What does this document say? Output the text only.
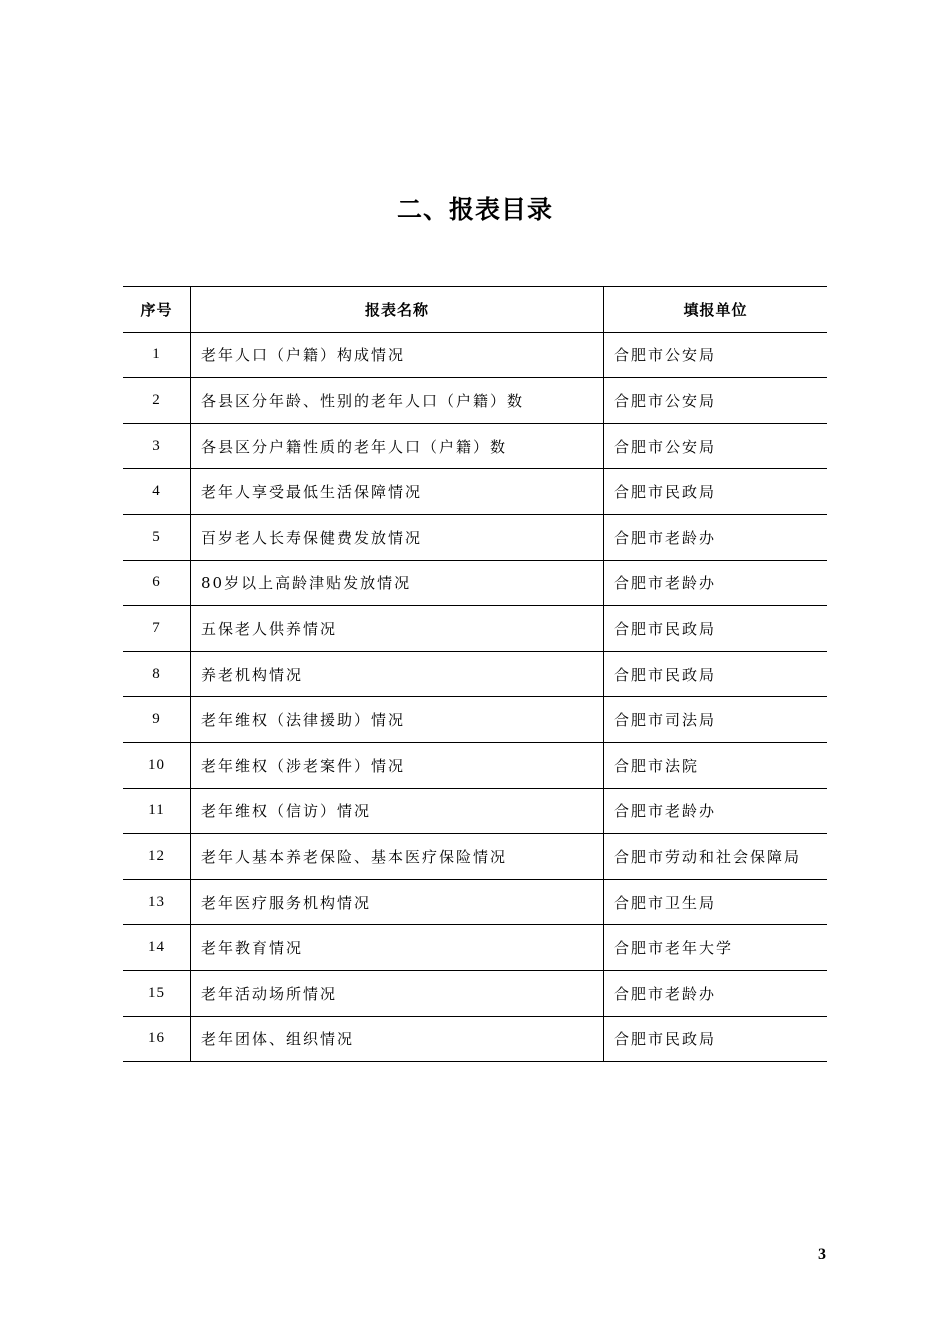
二、报表目录
序号	报表名称	填报单位
1	老年人口（户籍）构成情况	合肥市公安局
2	各县区分年龄、性别的老年人口（户籍）数	合肥市公安局
3	各县区分户籍性质的老年人口（户籍）数	合肥市公安局
4	老年人享受最低生活保障情况	合肥市民政局
5	百岁老人长寿保健费发放情况	合肥市老龄办
6	80岁以上高龄津贴发放情况	合肥市老龄办
7	五保老人供养情况	合肥市民政局
8	养老机构情况	合肥市民政局
9	老年维权（法律援助）情况	合肥市司法局
10	老年维权（涉老案件）情况	合肥市法院
11	老年维权（信访）情况	合肥市老龄办
12	老年人基本养老保险、基本医疗保险情况	合肥市劳动和社会保障局
13	老年医疗服务机构情况	合肥市卫生局
14	老年教育情况	合肥市老年大学
15	老年活动场所情况	合肥市老龄办
16	老年团体、组织情况	合肥市民政局
3
